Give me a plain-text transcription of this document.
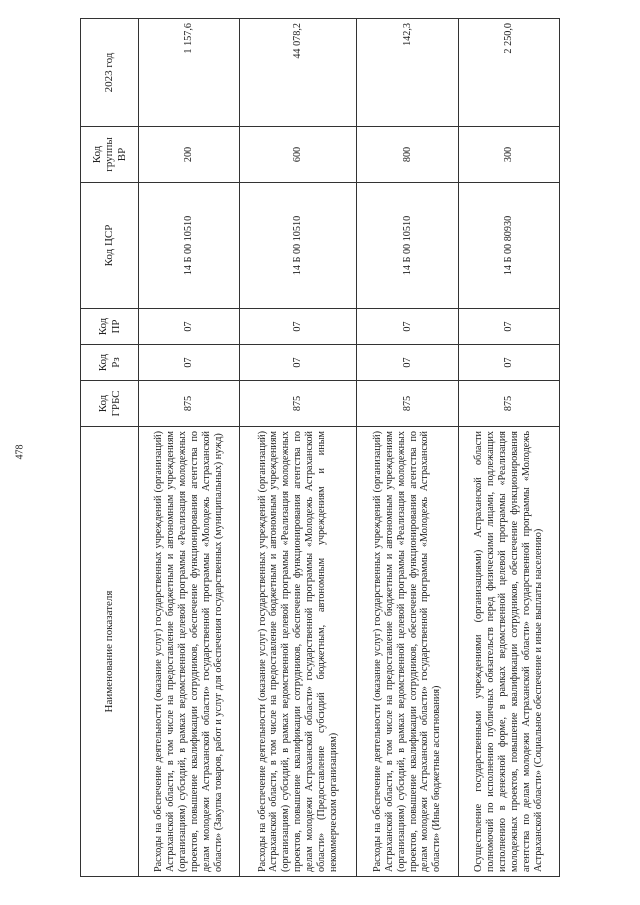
478
Наименование показателя	Код ГРБС	Код Рз	Код ПР	Код ЦСР	Код группы ВР	2023 год
Расходы на обеспечение деятельности (оказание услуг) государственных учреждений (организаций) Астраханской области, в том числе на предоставление бюджетным и автономным учреждениям (организациям) субсидий, в рамках ведомственной целевой программы «Реализация молодежных проектов, повышение квалификации сотрудников, обеспечение функционирования агентства по делам молодежи Астраханской области» государственной программы «Молодежь Астраханской области» (Закупка товаров, работ и услуг для обеспечения государственных (муниципальных) нужд)	875	07	07	14 Б 00 10510	200	1 157,6
Расходы на обеспечение деятельности (оказание услуг) государственных учреждений (организаций) Астраханской области, в том числе на предоставление бюджетным и автономным учреждениям (организациям) субсидий, в рамках ведомственной целевой программы «Реализация молодежных проектов, повышение квалификации сотрудников, обеспечение функционирования агентства по делам молодежи Астраханской области» государственной программы «Молодежь Астраханской области» (Предоставление субсидий бюджетным, автономным учреждениям и иным некоммерческим организациям)	875	07	07	14 Б 00 10510	600	44 078,2
Расходы на обеспечение деятельности (оказание услуг) государственных учреждений (организаций) Астраханской области, в том числе на предоставление бюджетным и автономным учреждениям (организациям) субсидий, в рамках ведомственной целевой программы «Реализация молодежных проектов, повышение квалификации сотрудников, обеспечение функционирования агентства по делам молодежи Астраханской области» государственной программы «Молодежь Астраханской области» (Иные бюджетные ассигнования)	875	07	07	14 Б 00 10510	800	142,3
Осуществление государственными учреждениями (организациями) Астраханской области полномочий по исполнению публичных обязательств перед физическими лицами, подлежащих исполнению в денежной форме, в рамках ведомственной целевой программы «Реализация молодежных проектов, повышение квалификации сотрудников, обеспечение функционирования агентства по делам молодежи Астраханской области» государственной программы «Молодежь Астраханской области» (Социальное обеспечение и иные выплаты населению)	875	07	07	14 Б 00 80930	300	2 250,0
